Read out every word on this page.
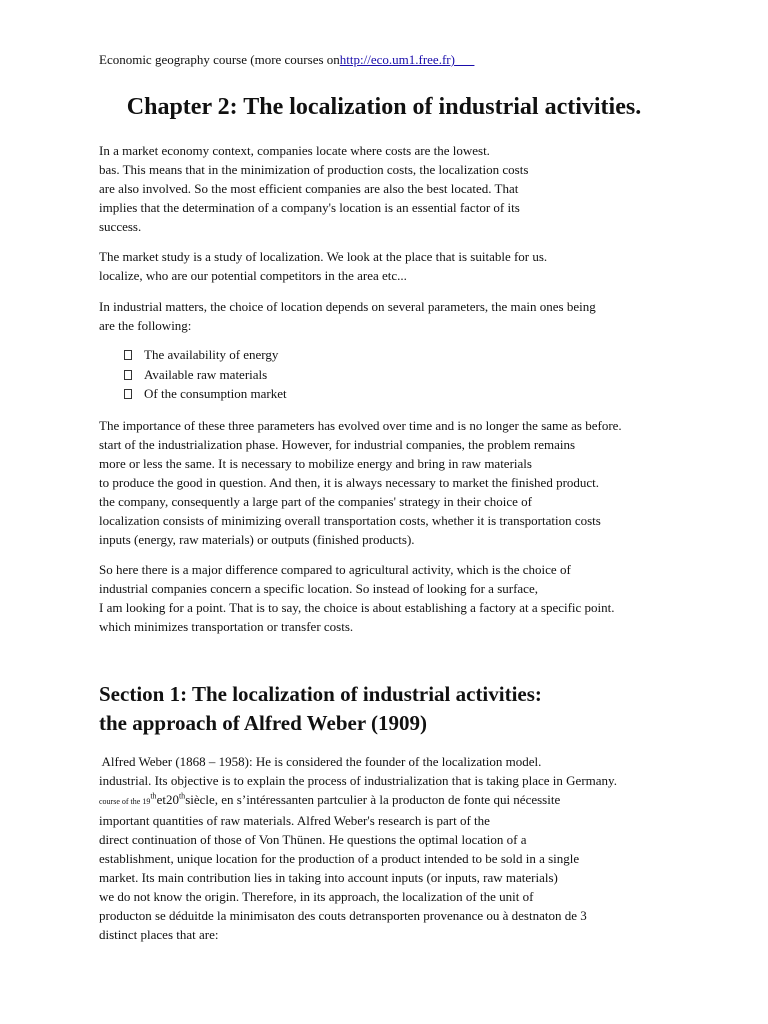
Economic geography course (more courses onhttp://eco.um1.free.fr)
Chapter 2: The localization of industrial activities.

In a market economy context, companies locate where costs are the lowest.
bas. This means that in the minimization of production costs, the localization costs
are also involved. So the most efficient companies are also the best located. That
implies that the determination of a company's location is an essential factor of its
success.

The market study is a study of localization. We look at the place that is suitable for us.
localize, who are our potential competitors in the area etc...

In industrial matters, the choice of location depends on several parameters, the main ones being
are the following:

The availability of energy
Available raw materials
Of the consumption market

The importance of these three parameters has evolved over time and is no longer the same as before.
start of the industrialization phase. However, for industrial companies, the problem remains
more or less the same. It is necessary to mobilize energy and bring in raw materials
to produce the good in question. And then, it is always necessary to market the finished product.
the company, consequently a large part of the companies' strategy in their choice of
localization consists of minimizing overall transportation costs, whether it is transportation costs
inputs (energy, raw materials) or outputs (finished products).

So here there is a major difference compared to agricultural activity, which is the choice of
industrial companies concern a specific location. So instead of looking for a surface,
I am looking for a point. That is to say, the choice is about establishing a factory at a specific point.
which minimizes transportation or transfer costs.

Section 1: The localization of industrial activities:
the approach of Alfred Weber (1909)

Alfred Weber (1868 – 1958): He is considered the founder of the localization model.
industrial. Its objective is to explain the process of industrialization that is taking place in Germany.
course of the 19thet20thsiècle, en s’intéressanten partculier à la producton de fonte qui nécessite
important quantities of raw materials. Alfred Weber's research is part of the
direct continuation of those of Von Thünen. He questions the optimal location of a
establishment, unique location for the production of a product intended to be sold in a single
market. Its main contribution lies in taking into account inputs (or inputs, raw materials)
we do not know the origin. Therefore, in its approach, the localization of the unit of
producton se déduitde la minimisaton des couts detransporten provenance ou à destnaton de 3
distinct places that are:
